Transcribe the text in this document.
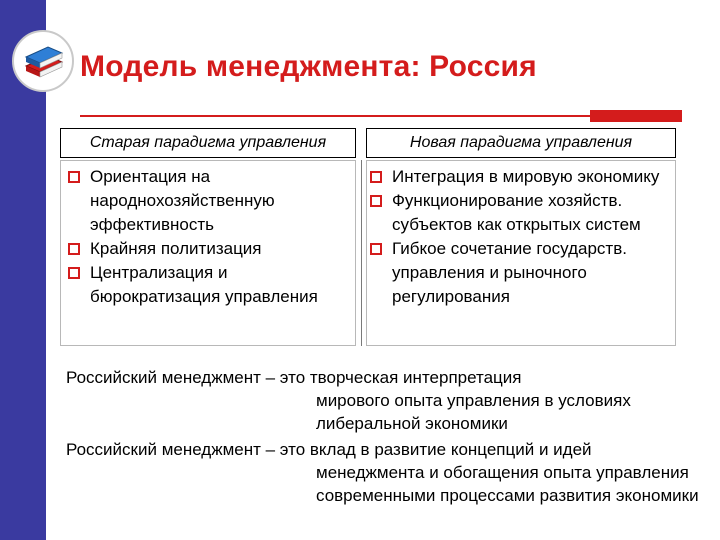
Модель менеджмента: Россия
Старая парадигма управления	Новая парадигма управления
Ориентация на народнохозяйственную эффективность
Крайняя политизация
Централизация и бюрократизация управления
Интеграция в мировую экономику
Функционирование хозяйств. субъектов как открытых систем
Гибкое сочетание государств. управления и рыночного регулирования
Российский менеджмент – это творческая интерпретация
мирового опыта управления в условиях либеральной экономики
Российский менеджмент – это вклад в развитие концепций и идей
менеджмента и обогащения опыта управления современными процессами развития экономики
